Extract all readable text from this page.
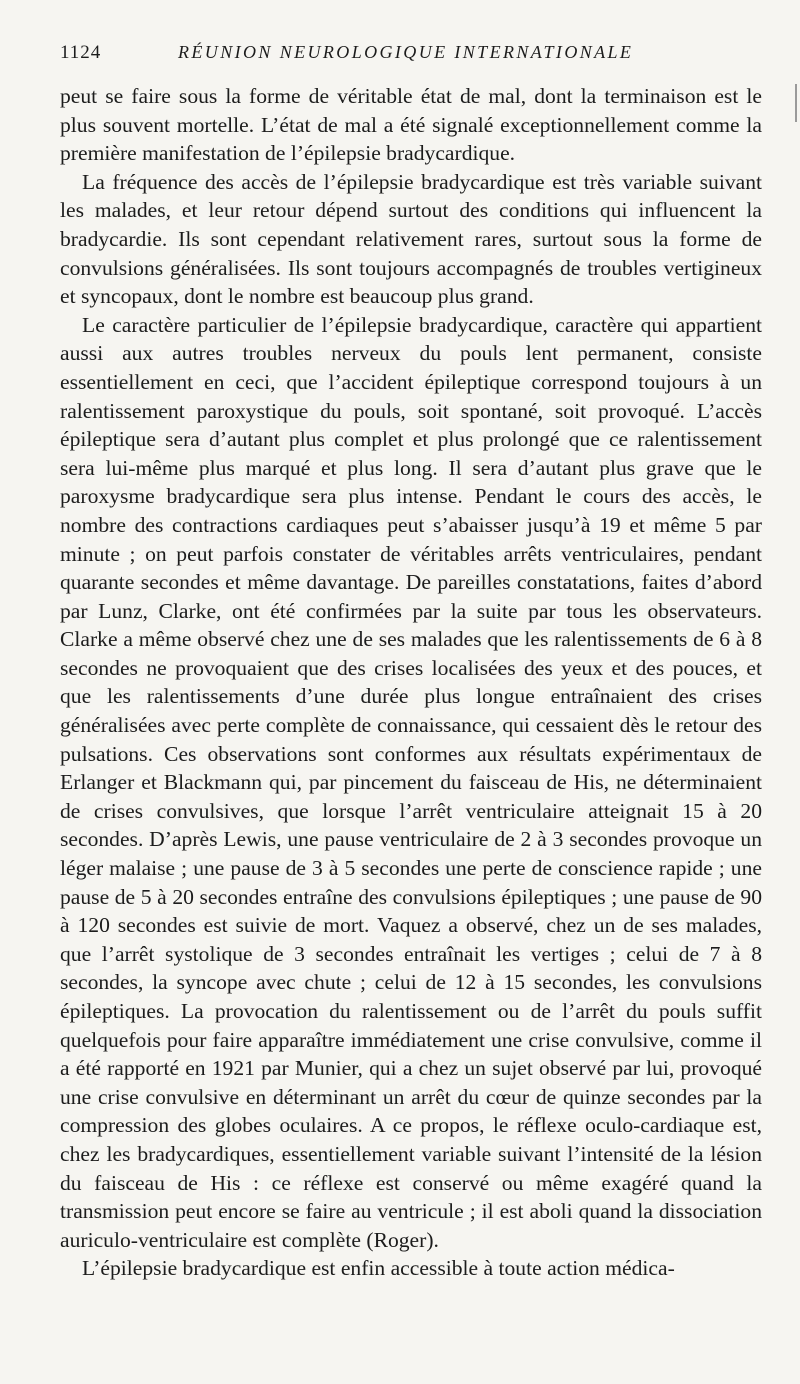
1124	RÉUNION NEUROLOGIQUE INTERNATIONALE

peut se faire sous la forme de véritable état de mal, dont la terminaison est le plus souvent mortelle. L’état de mal a été signalé exceptionnellement comme la première manifestation de l’épilepsie bradycardique.

La fréquence des accès de l’épilepsie bradycardique est très variable suivant les malades, et leur retour dépend surtout des conditions qui influencent la bradycardie. Ils sont cependant relativement rares, surtout sous la forme de convulsions généralisées. Ils sont toujours accompagnés de troubles vertigineux et syncopaux, dont le nombre est beaucoup plus grand.

Le caractère particulier de l’épilepsie bradycardique, caractère qui appartient aussi aux autres troubles nerveux du pouls lent permanent, consiste essentiellement en ceci, que l’accident épileptique correspond toujours à un ralentissement paroxystique du pouls, soit spontané, soit provoqué. L’accès épileptique sera d’autant plus complet et plus prolongé que ce ralentissement sera lui-même plus marqué et plus long. Il sera d’autant plus grave que le paroxysme bradycardique sera plus intense. Pendant le cours des accès, le nombre des contractions cardiaques peut s’abaisser jusqu’à 19 et même 5 par minute ; on peut parfois constater de véritables arrêts ventriculaires, pendant quarante secondes et même davantage. De pareilles constatations, faites d’abord par Lunz, Clarke, ont été confirmées par la suite par tous les observateurs. Clarke a même observé chez une de ses malades que les ralentissements de 6 à 8 secondes ne provoquaient que des crises localisées des yeux et des pouces, et que les ralentissements d’une durée plus longue entraînaient des crises généralisées avec perte complète de connaissance, qui cessaient dès le retour des pulsations. Ces observations sont conformes aux résultats expérimentaux de Erlanger et Blackmann qui, par pincement du faisceau de His, ne déterminaient de crises convulsives, que lorsque l’arrêt ventriculaire atteignait 15 à 20 secondes. D’après Lewis, une pause ventriculaire de 2 à 3 secondes provoque un léger malaise ; une pause de 3 à 5 secondes une perte de conscience rapide ; une pause de 5 à 20 secondes entraîne des convulsions épileptiques ; une pause de 90 à 120 secondes est suivie de mort. Vaquez a observé, chez un de ses malades, que l’arrêt systolique de 3 secondes entraînait les vertiges ; celui de 7 à 8 secondes, la syncope avec chute ; celui de 12 à 15 secondes, les convulsions épileptiques. La provocation du ralentissement ou de l’arrêt du pouls suffit quelquefois pour faire apparaître immédiatement une crise convulsive, comme il a été rapporté en 1921 par Munier, qui a chez un sujet observé par lui, provoqué une crise convulsive en déterminant un arrêt du cœur de quinze secondes par la compression des globes oculaires. A ce propos, le réflexe oculo-cardiaque est, chez les bradycardiques, essentiellement variable suivant l’intensité de la lésion du faisceau de His : ce réflexe est conservé ou même exagéré quand la transmission peut encore se faire au ventricule ; il est aboli quand la dissociation auriculo-ventriculaire est complète (Roger).

L’épilepsie bradycardique est enfin accessible à toute action médica-
